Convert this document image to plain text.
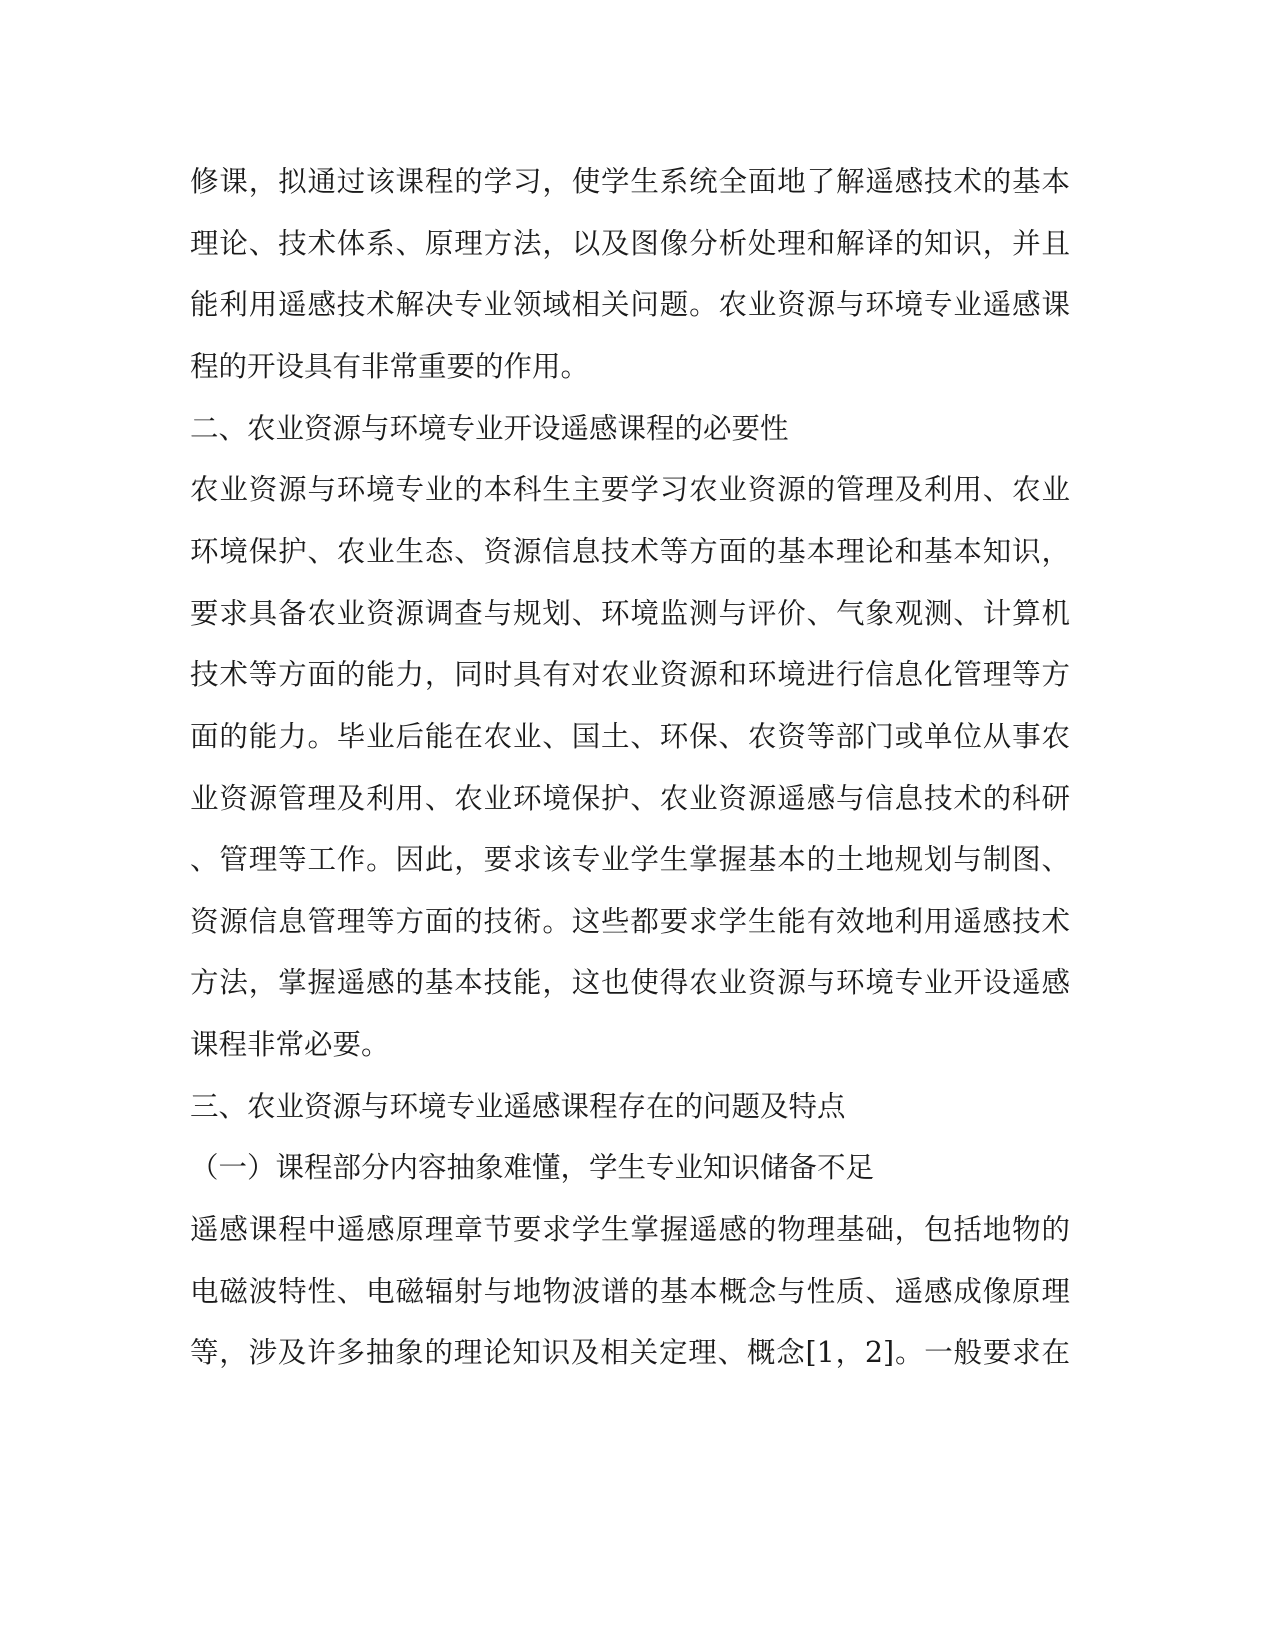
修课，拟通过该课程的学习，使学生系统全面地了解遥感技术的基本
理论、技术体系、原理方法，以及图像分析处理和解译的知识，并且
能利用遥感技术解决专业领域相关问题。农业资源与环境专业遥感课
程的开设具有非常重要的作用。
二、农业资源与环境专业开设遥感课程的必要性
农业资源与环境专业的本科生主要学习农业资源的管理及利用、农业
环境保护、农业生态、资源信息技术等方面的基本理论和基本知识，
要求具备农业资源调查与规划、环境监测与评价、气象观测、计算机
技术等方面的能力，同时具有对农业资源和环境进行信息化管理等方
面的能力。毕业后能在农业、国土、环保、农资等部门或单位从事农
业资源管理及利用、农业环境保护、农业资源遥感与信息技术的科研
、管理等工作。因此，要求该专业学生掌握基本的土地规划与制图、
资源信息管理等方面的技術。这些都要求学生能有效地利用遥感技术
方法，掌握遥感的基本技能，这也使得农业资源与环境专业开设遥感
课程非常必要。
三、农业资源与环境专业遥感课程存在的问题及特点
（一）课程部分内容抽象难懂，学生专业知识储备不足
遥感课程中遥感原理章节要求学生掌握遥感的物理基础，包括地物的
电磁波特性、电磁辐射与地物波谱的基本概念与性质、遥感成像原理
等，涉及许多抽象的理论知识及相关定理、概念[1，2]。一般要求在
